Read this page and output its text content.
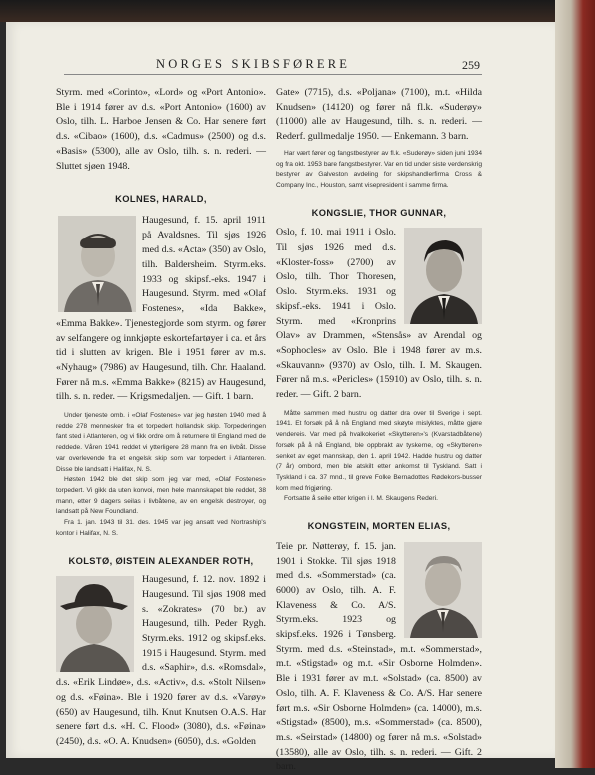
NORGES SKIBSFØRERE	259

Styrm. med «Corinto», «Lord» og «Port Antonio». Ble i 1914 fører av d.s. «Port Antonio» (1600) av Oslo, tilh. L. Harboe Jensen & Co. Har senere ført d.s. «Cibao» (1600), d.s. «Cadmus» (2500) og d.s. «Basis» (5300), alle av Oslo, tilh. s. n. rederi. — Sluttet sjøen 1948.

KOLNES, HARALD,

Haugesund, f. 15. april 1911 på Avaldsnes. Til sjøs 1926 med d.s. «Acta» (350) av Oslo, tilh. Baldersheim. Styrm.eks. 1933 og skipsf.-eks. 1947 i Haugesund. Styrm. med «Olaf Fostenes», «Ida Bakke», «Emma Bakke». Tjenestegjorde som styrm. og fører av selfangere og innkjøpte eskortefartøyer i ca. et års tid i slutten av krigen. Ble i 1951 fører av m.s. «Nyhaug» (7986) av Haugesund, tilh. Chr. Haaland. Fører nå m.s. «Emma Bakke» (8215) av Haugesund, tilh. s. n. reder. — Krigsmedaljen. — Gift. 1 barn.

Under tjeneste omb. i «Olaf Fostenes» var jeg høsten 1940 med å redde 278 mennesker fra et torpedert hollandsk skip. Torpederingen fant sted i Atlanteren, og vi fikk ordre om å returnere til England med de reddede. Våren 1941 reddet vi ytterligere 28 mann fra en livbåt. Disse var overlevende fra et engelsk skip som var torpedert i Atlanteren. Disse ble landsatt i Halifax, N. S.

Høsten 1942 ble det skip som jeg var med, «Olaf Fostenes» torpedert. Vi gikk da uten konvoi, men hele mannskapet ble reddet, 38 mann, etter 9 dagers seilas i livbåtene, av en engelsk destroyer, og landsatt på New Foundland.

Fra 1. jan. 1943 til 31. des. 1945 var jeg ansatt ved Nortraship's kontor i Halifax, N. S.

KOLSTØ, ØISTEIN ALEXANDER ROTH,

Haugesund, f. 12. nov. 1892 i Haugesund. Til sjøs 1908 med s. «Zokrates» (70 br.) av Haugesund, tilh. Peder Rygh. Styrm.eks. 1912 og skipsf.eks. 1915 i Haugesund. Styrm. med d.s. «Saphir», d.s. «Romsdal», d.s. «Erik Lindøe», d.s. «Activ», d.s. «Stolt Nilsen» og d.s. «Føina». Ble i 1920 fører av d.s. «Varøy» (650) av Haugesund, tilh. Knut Knutsen O.A.S. Har senere ført d.s. «H. C. Flood» (3080), d.s. «Føina» (2450), d.s. «O. A. Knudsen» (6050), d.s. «Golden

Gate» (7715), d.s. «Poljana» (7100), m.t. «Hilda Knudsen» (14120) og fører nå fl.k. «Suderøy» (11000) alle av Haugesund, tilh. s. n. rederi. — Rederf. gullmedalje 1950. — Enkemann. 3 barn.

Har vært fører og fangstbestyrer av fl.k. «Suderøy» siden juni 1934 og fra okt. 1953 bare fangstbestyrer. Var en tid under siste verdenskrig bestyrer av Galveston avdeling for skipshandlerfirma Cross & Company Inc., Houston, samt visepresident i samme firma.

KONGSLIE, THOR GUNNAR,

Oslo, f. 10. mai 1911 i Oslo. Til sjøs 1926 med d.s. «Kloster-foss» (2700) av Oslo, tilh. Thor Thoresen, Oslo. Styrm.eks. 1931 og skipsf.-eks. 1941 i Oslo. Styrm. med «Kronprins Olav» av Drammen, «Stensås» av Arendal og «Sophocles» av Oslo. Ble i 1948 fører av m.s. «Skauvann» (9370) av Oslo, tilh. I. M. Skaugen. Fører nå m.s. «Pericles» (15910) av Oslo, tilh. s. n. reder. — Gift. 2 barn.

Måtte sammen med hustru og datter dra over til Sverige i sept. 1941. Et forsøk på å nå England med skøyte mislyktes, måtte gjøre vendereis. Var med på hvalkokeriet «Skytteren»'s (Kvarstadbåtene) forsøk på å nå England, ble oppbrakt av tyskerne, og «Skytteren» senket av eget mannskap, den 1. april 1942. Hadde hustru og datter (7 år) ombord, men ble atskilt etter ankomst til Tyskland. Satt i Tyskland i ca. 37 mnd., til greve Folke Bernadottes Rødekors-busser kom med frigjøring.

Fortsatte å seile etter krigen i I. M. Skaugens Rederi.

KONGSTEIN, MORTEN ELIAS,

Teie pr. Nøtterøy, f. 15. jan. 1901 i Stokke. Til sjøs 1918 med d.s. «Sommerstad» (ca. 6000) av Oslo, tilh. A. F. Klaveness & Co. A/S. Styrm.eks. 1923 og skipsf.eks. 1926 i Tønsberg. Styrm. med d.s. «Steinstad», m.t. «Sommerstad», m.t. «Stigstad» og m.t. «Sir Osborne Holmden». Ble i 1931 fører av m.t. «Solstad» (ca. 8500) av Oslo, tilh. A. F. Klaveness & Co. A/S. Har senere ført m.s. «Sir Osborne Holmden» (ca. 14000), m.s. «Stigstad» (8500), m.s. «Sommerstad» (ca. 8500), m.s. «Seirstad» (14800) og fører nå m.s. «Solstad» (13580), alle av Oslo, tilh. s. n. rederi. — Gift. 2 barn.
